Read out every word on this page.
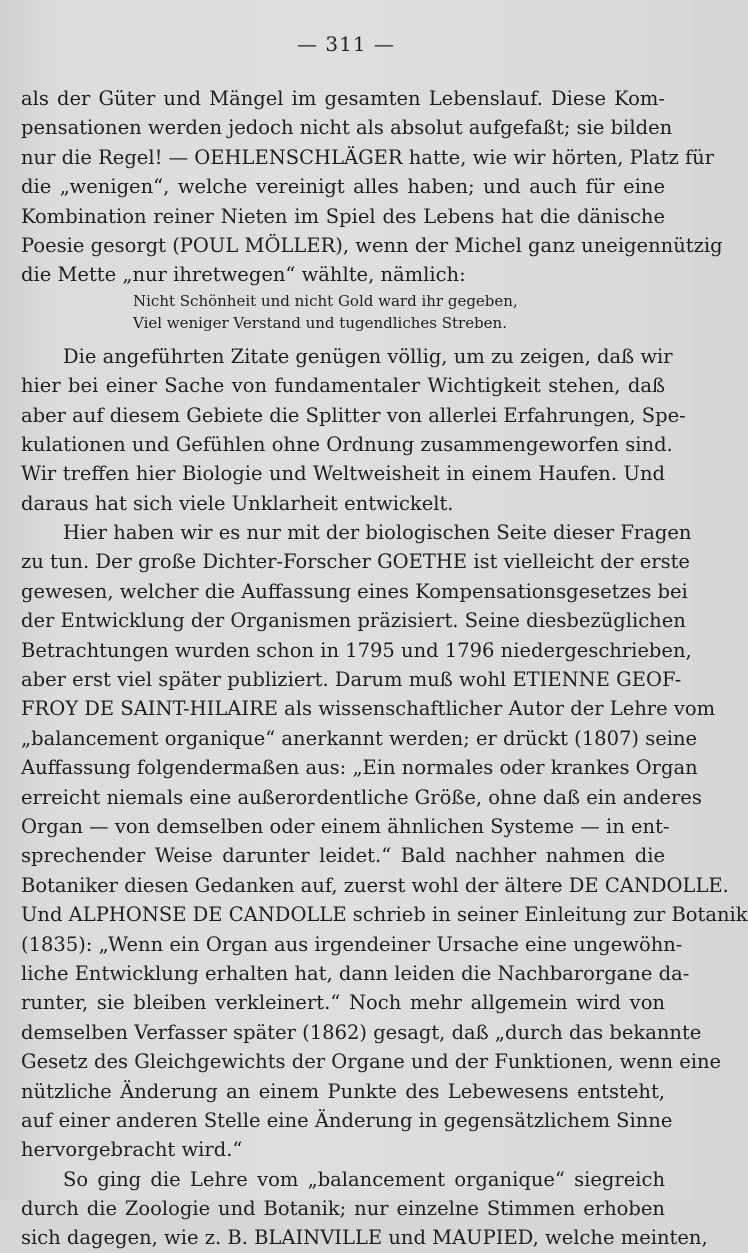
— 311 —
als der Güter und Mängel im gesamten Lebenslauf. Diese Kom-
pensationen werden jedoch nicht als absolut aufgefaßt; sie bilden
nur die Regel! — OEHLENSCHLÄGER hatte, wie wir hörten, Platz für
die „wenigen“, welche vereinigt alles haben; und auch für eine
Kombination reiner Nieten im Spiel des Lebens hat die dänische
Poesie gesorgt (POUL MÖLLER), wenn der Michel ganz uneigennützig
die Mette „nur ihretwegen“ wählte, nämlich:
Nicht Schönheit und nicht Gold ward ihr gegeben,
Viel weniger Verstand und tugendliches Streben.
Die angeführten Zitate genügen völlig, um zu zeigen, daß wir
hier bei einer Sache von fundamentaler Wichtigkeit stehen, daß
aber auf diesem Gebiete die Splitter von allerlei Erfahrungen, Spe-
kulationen und Gefühlen ohne Ordnung zusammengeworfen sind.
Wir treffen hier Biologie und Weltweisheit in einem Haufen. Und
daraus hat sich viele Unklarheit entwickelt.
Hier haben wir es nur mit der biologischen Seite dieser Fragen
zu tun. Der große Dichter-Forscher GOETHE ist vielleicht der erste
gewesen, welcher die Auffassung eines Kompensationsgesetzes bei
der Entwicklung der Organismen präzisiert. Seine diesbezüglichen
Betrachtungen wurden schon in 1795 und 1796 niedergeschrieben,
aber erst viel später publiziert. Darum muß wohl ETIENNE GEOF-
FROY DE SAINT-HILAIRE als wissenschaftlicher Autor der Lehre vom
„balancement organique“ anerkannt werden; er drückt (1807) seine
Auffassung folgendermaßen aus: „Ein normales oder krankes Organ
erreicht niemals eine außerordentliche Größe, ohne daß ein anderes
Organ — von demselben oder einem ähnlichen Systeme — in ent-
sprechender Weise darunter leidet.“ Bald nachher nahmen die
Botaniker diesen Gedanken auf, zuerst wohl der ältere DE CANDOLLE.
Und ALPHONSE DE CANDOLLE schrieb in seiner Einleitung zur Botanik
(1835): „Wenn ein Organ aus irgendeiner Ursache eine ungewöhn-
liche Entwicklung erhalten hat, dann leiden die Nachbarorgane da-
runter, sie bleiben verkleinert.“ Noch mehr allgemein wird von
demselben Verfasser später (1862) gesagt, daß „durch das bekannte
Gesetz des Gleichgewichts der Organe und der Funktionen, wenn eine
nützliche Änderung an einem Punkte des Lebewesens entsteht,
auf einer anderen Stelle eine Änderung in gegensätzlichem Sinne
hervorgebracht wird.“
So ging die Lehre vom „balancement organique“ siegreich
durch die Zoologie und Botanik; nur einzelne Stimmen erhoben
sich dagegen, wie z. B. BLAINVILLE und MAUPIED, welche meinten,
